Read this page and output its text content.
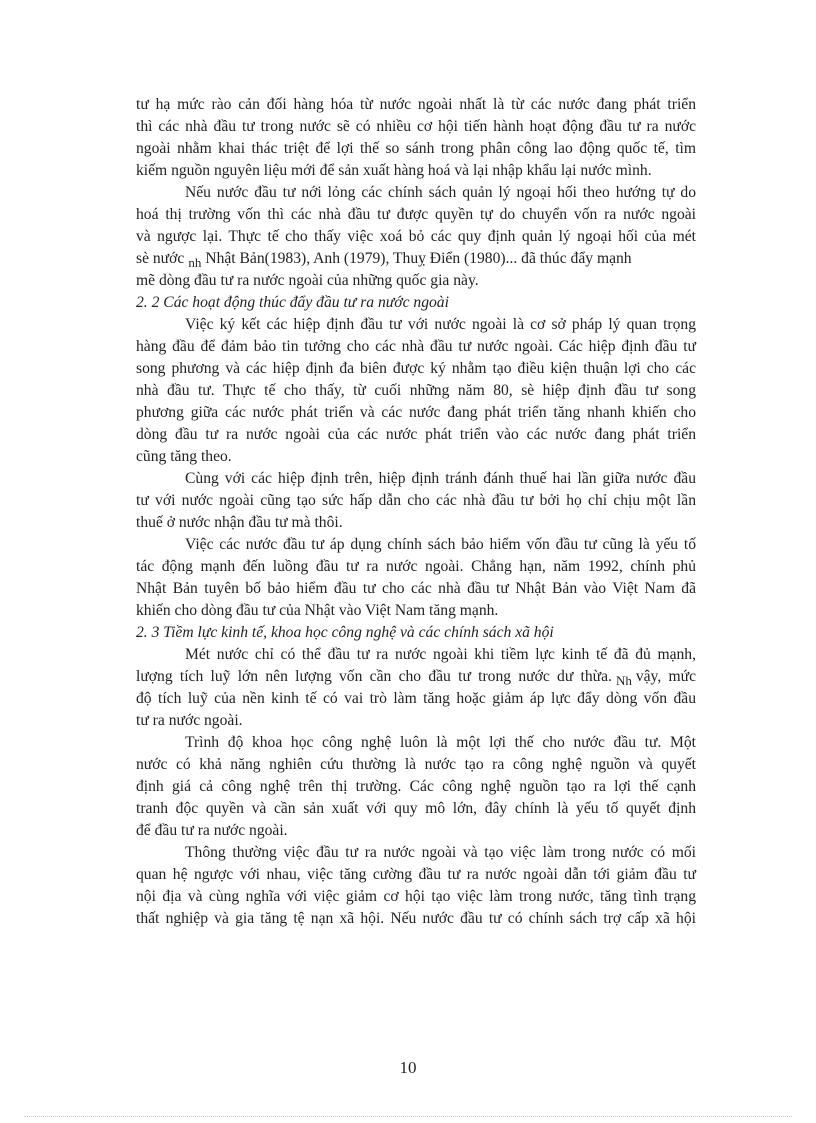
tư hạ mức rào cản đối hàng hóa từ nước ngoài nhất là từ các nước đang phát triển
thì các nhà đầu tư trong nước sẽ có nhiều cơ hội tiến hành hoạt động đầu tư ra nước
ngoài nhằm khai thác triệt để lợi thế so sánh trong phân công lao động quốc tế, tìm
kiếm nguồn nguyên liệu mới để sản xuất hàng hoá và lại nhập khẩu lại nước mình.
Nếu nước đầu tư nới lỏng các chính sách quản lý ngoại hối theo hướng tự do
hoá thị trường vốn thì các nhà đầu tư được quyền tự do chuyển vốn ra nước ngoài
và ngược lại. Thực tế cho thấy việc xoá bỏ các quy định quản lý ngoại hối của mét
sè nước $_{nh}$ Nhật Bản(1983), Anh (1979), Thuỵ Điển (1980)... đã thúc đẩy mạnh
mẽ dòng đầu tư ra nước ngoài của những quốc gia này.
2. 2 Các hoạt động thúc đẩy đầu tư ra nước ngoài
Việc ký kết các hiệp định đầu tư với nước ngoài là cơ sở pháp lý quan trọng
hàng đầu để đảm bảo tin tưởng cho các nhà đầu tư nước ngoài. Các hiệp định đầu tư
song phương và các hiệp định đa biên được ký nhằm tạo điều kiện thuận lợi cho các
nhà đầu tư. Thực tế cho thấy, từ cuối những năm 80, sè hiệp định đầu tư song
phương giữa các nước phát triển và các nước đang phát triển tăng nhanh khiến cho
dòng đầu tư ra nước ngoài của các nước phát triển vào các nước đang phát triển
cũng tăng theo.
Cùng với các hiệp định trên, hiệp định tránh đánh thuế hai lần giữa nước đầu
tư với nước ngoài cũng tạo sức hấp dẫn cho các nhà đầu tư bởi họ chỉ chịu một lần
thuế ở nước nhận đầu tư mà thôi.
Việc các nước đầu tư áp dụng chính sách bảo hiểm vốn đầu tư cũng là yếu tố
tác động mạnh đến luồng đầu tư ra nước ngoài. Chẳng hạn, năm 1992, chính phủ
Nhật Bản tuyên bố bảo hiểm đầu tư cho các nhà đầu tư Nhật Bản vào Việt Nam đã
khiến cho dòng đầu tư của Nhật vào Việt Nam tăng mạnh.
2. 3 Tiềm lực kinh tế, khoa học công nghệ và các chính sách xã hội
Mét nước chỉ có thể đầu tư ra nước ngoài khi tiềm lực kinh tế đã đủ mạnh,
lượng tích luỹ lớn nên lượng vốn cần cho đầu tư trong nước dư thừa. $_{Nh}$ vậy, mức
độ tích luỹ của nền kinh tế có vai trò làm tăng hoặc giảm áp lực đẩy dòng vốn đầu
tư ra nước ngoài.
Trình độ khoa học công nghệ luôn là một lợi thế cho nước đầu tư. Một
nước có khả năng nghiên cứu thường là nước tạo ra công nghệ nguồn và quyết
định giá cả công nghệ trên thị trường. Các công nghệ nguồn tạo ra lợi thế cạnh
tranh độc quyền và cần sản xuất với quy mô lớn, đây chính là yếu tố quyết định
để đầu tư ra nước ngoài.
Thông thường việc đầu tư ra nước ngoài và tạo việc làm trong nước có mối
quan hệ ngược với nhau, việc tăng cường đầu tư ra nước ngoài dẫn tới giảm đầu tư
nội địa và cùng nghĩa với việc giảm cơ hội tạo việc làm trong nước, tăng tình trạng
thất nghiệp và gia tăng tệ nạn xã hội. Nếu nước đầu tư có chính sách trợ cấp xã hội
10
